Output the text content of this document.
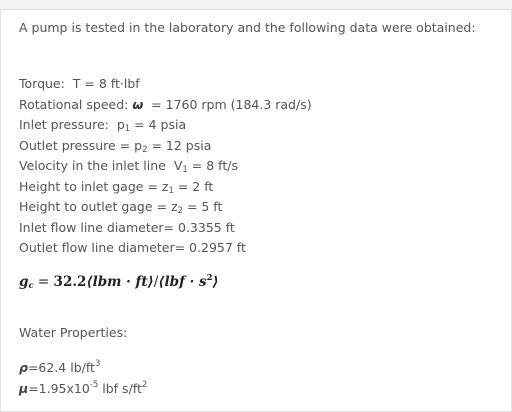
A pump is tested in the laboratory and the following data were obtained:
Torque: T = 8 ft·lbf
Rotational speed: ω = 1760 rpm (184.3 rad/s)
Inlet pressure: $p_1 = 4$ psia
Outlet pressure = $p_2 = 12$ psia
Velocity in the inlet line $V_1 = 8$ ft/s
Height to inlet gage = $z_1 = 2$ ft
Height to outlet gage = $z_2 = 5$ ft
Inlet flow line diameter= 0.3355 ft
Outlet flow line diameter= 0.2957 ft
$g_c$ = 32.2⟨lbm · ft⟩/⟨lbf · $s^2⟩$
Water Properties:
ρ=62.4 $lb/ft^3$
$\mu=1.95x10^{-5}$ lbf $s/ft^2$
